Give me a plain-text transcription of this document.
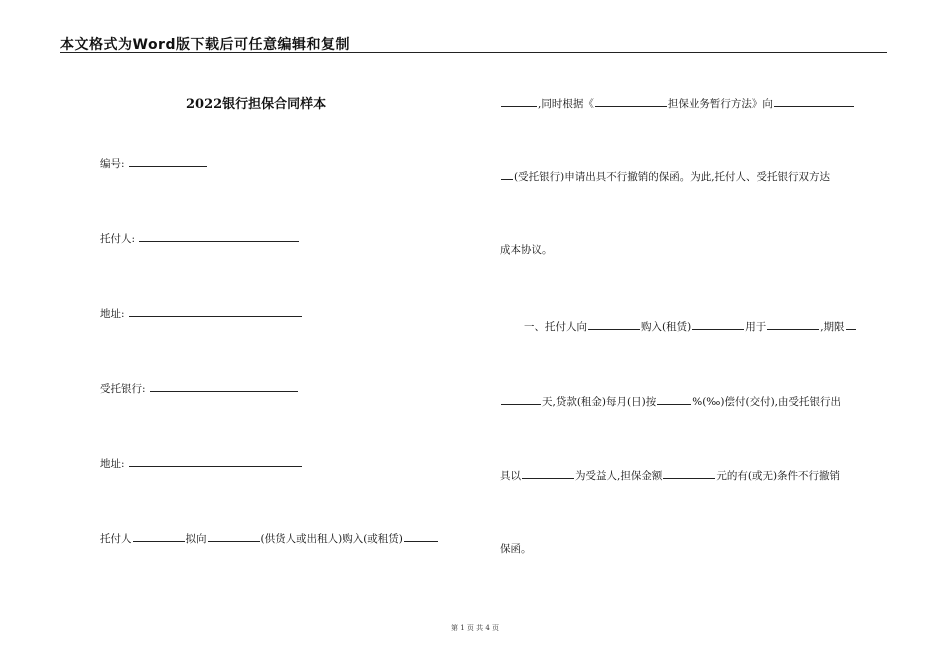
本文格式为Word版下载后可任意编辑和复制
2022银行担保合同样本
编号:
托付人:
地址:
受托银行:
地址:
托付人	拟向	(供货人或出租人)购入(或租赁)
,同时根据《	担保业务暂行方法》向
(受托银行)申请出具不行撤销的保函。为此,托付人、受托银行双方达
成本协议。
一、托付人向	购入(租赁)	用于	,期限
天,贷款(租金)每月(日)按	%(‰)偿付(交付),由受托银行出
具以	为受益人,担保金额	元的有(或无)条件不行撤销
保函。
第 1 页 共 4 页
